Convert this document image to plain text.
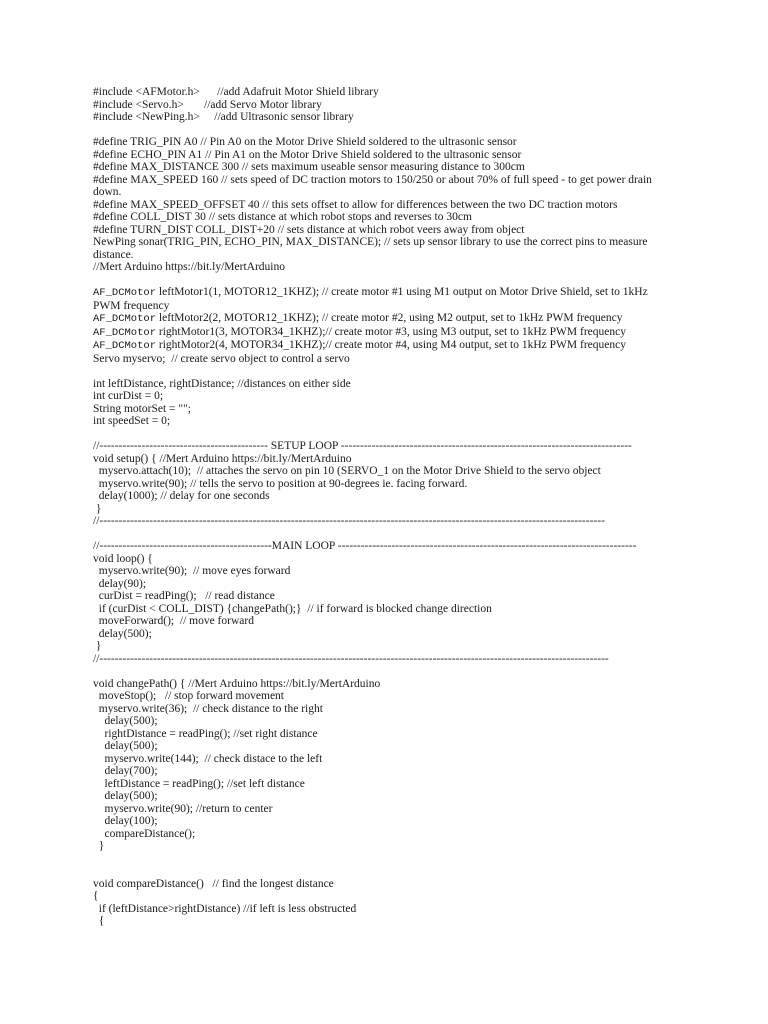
#include <AFMotor.h>      //add Adafruit Motor Shield library
#include <Servo.h>       //add Servo Motor library
#include <NewPing.h>     //add Ultrasonic sensor library
#define TRIG_PIN A0 // Pin A0 on the Motor Drive Shield soldered to the ultrasonic sensor
#define ECHO_PIN A1 // Pin A1 on the Motor Drive Shield soldered to the ultrasonic sensor
#define MAX_DISTANCE 300 // sets maximum useable sensor measuring distance to 300cm
#define MAX_SPEED 160 // sets speed of DC traction motors to 150/250 or about 70% of full speed - to get power drain down.
#define MAX_SPEED_OFFSET 40 // this sets offset to allow for differences between the two DC traction motors
#define COLL_DIST 30 // sets distance at which robot stops and reverses to 30cm
#define TURN_DIST COLL_DIST+20 // sets distance at which robot veers away from object
NewPing sonar(TRIG_PIN, ECHO_PIN, MAX_DISTANCE); // sets up sensor library to use the correct pins to measure distance.
//Mert Arduino https://bit.ly/MertArduino
AF_DCMotor leftMotor1(1, MOTOR12_1KHZ); // create motor #1 using M1 output on Motor Drive Shield, set to 1kHz PWM frequency
AF_DCMotor leftMotor2(2, MOTOR12_1KHZ); // create motor #2, using M2 output, set to 1kHz PWM frequency
AF_DCMotor rightMotor1(3, MOTOR34_1KHZ);// create motor #3, using M3 output, set to 1kHz PWM frequency
AF_DCMotor rightMotor2(4, MOTOR34_1KHZ);// create motor #4, using M4 output, set to 1kHz PWM frequency
Servo myservo;  // create servo object to control a servo
int leftDistance, rightDistance; //distances on either side
int curDist = 0;
String motorSet = "";
int speedSet = 0;
//-------------------------------------------- SETUP LOOP ----------------------------------------------------------------------------
void setup() { //Mert Arduino https://bit.ly/MertArduino
myservo.attach(10);  // attaches the servo on pin 10 (SERVO_1 on the Motor Drive Shield to the servo object
myservo.write(90); // tells the servo to position at 90-degrees ie. facing forward.
delay(1000); // delay for one seconds
}
//------------------------------------------------------------------------------------------------------------------------------------
//---------------------------------------------MAIN LOOP ------------------------------------------------------------------------------
void loop() {
myservo.write(90);  // move eyes forward
delay(90);
curDist = readPing();   // read distance
if (curDist < COLL_DIST) {changePath();}  // if forward is blocked change direction
moveForward();  // move forward
delay(500);
}
//-------------------------------------------------------------------------------------------------------------------------------------
void changePath() { //Mert Arduino https://bit.ly/MertArduino
moveStop();   // stop forward movement
myservo.write(36);  // check distance to the right
delay(500);
rightDistance = readPing(); //set right distance
delay(500);
myservo.write(144);  // check distace to the left
delay(700);
leftDistance = readPing(); //set left distance
delay(500);
myservo.write(90); //return to center
delay(100);
compareDistance();
}
void compareDistance()   // find the longest distance
{
if (leftDistance>rightDistance) //if left is less obstructed
{
